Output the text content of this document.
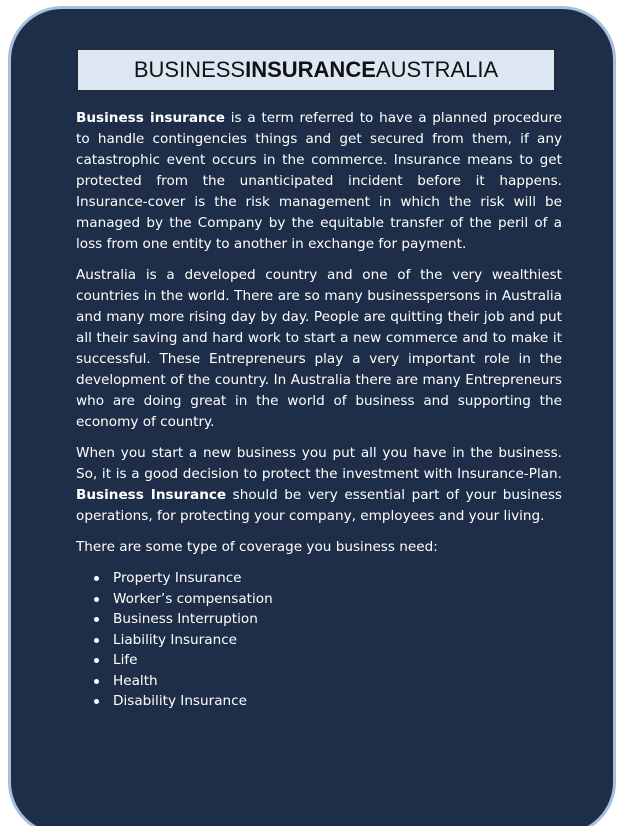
BUSINESS INSURANCE AUSTRALIA

Business insurance is a term referred to have a planned procedure to handle contingencies things and get secured from them, if any catastrophic event occurs in the commerce. Insurance means to get protected from the unanticipated incident before it happens. Insurance-cover is the risk management in which the risk will be managed by the Company by the equitable transfer of the peril of a loss from one entity to another in exchange for payment.

Australia is a developed country and one of the very wealthiest countries in the world. There are so many businesspersons in Australia and many more rising day by day. People are quitting their job and put all their saving and hard work to start a new commerce and to make it successful. These Entrepreneurs play a very important role in the development of the country. In Australia there are many Entrepreneurs who are doing great in the world of business and supporting the economy of country.

When you start a new business you put all you have in the business. So, it is a good decision to protect the investment with Insurance-Plan. Business Insurance should be very essential part of your business operations, for protecting your company, employees and your living.

There are some type of coverage you business need:

Property Insurance
Worker’s compensation
Business Interruption
Liability Insurance
Life
Health
Disability Insurance
